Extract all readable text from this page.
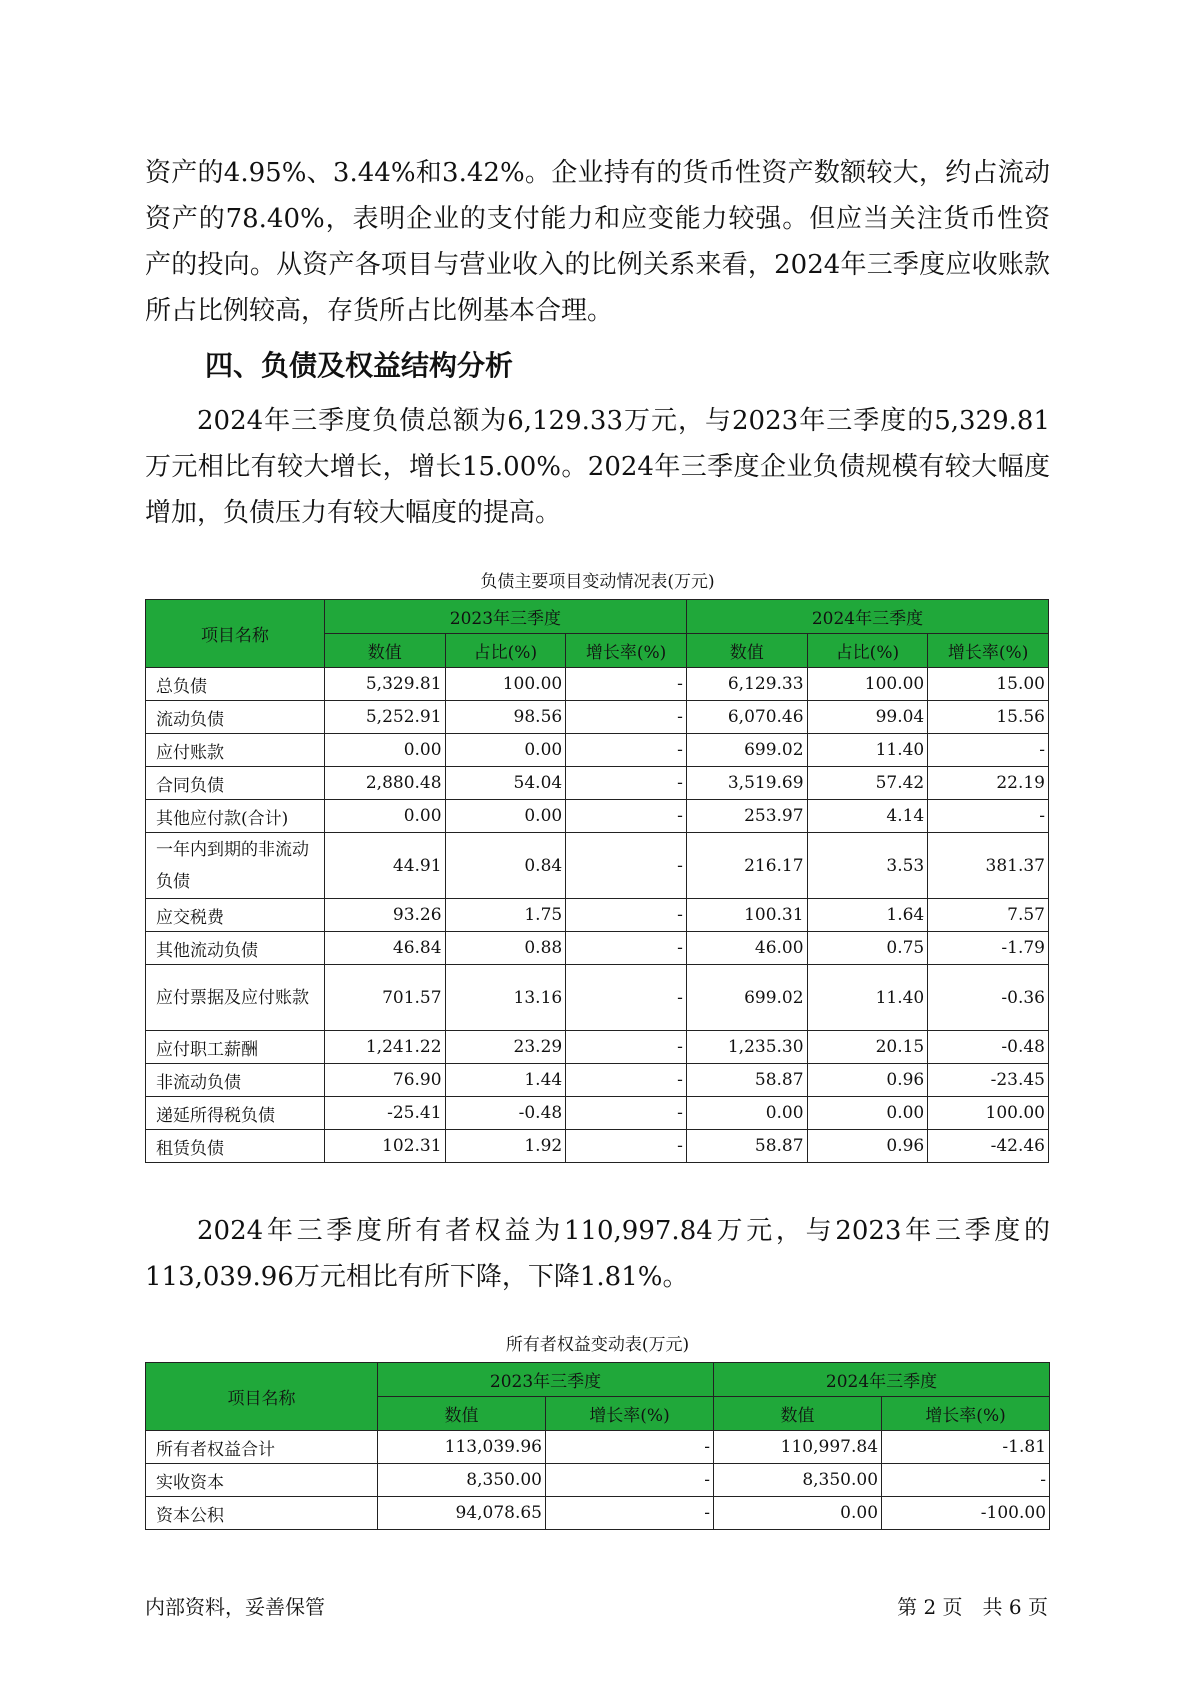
资产的4.95%、3.44%和3.42%。企业持有的货币性资产数额较大，约占流动资产的78.40%，表明企业的支付能力和应变能力较强。但应当关注货币性资产的投向。从资产各项目与营业收入的比例关系来看，2024年三季度应收账款所占比例较高，存货所占比例基本合理。

四、负债及权益结构分析

2024年三季度负债总额为6,129.33万元，与2023年三季度的5,329.81万元相比有较大增长，增长15.00%。2024年三季度企业负债规模有较大幅度增加，负债压力有较大幅度的提高。

负债主要项目变动情况表(万元)
项目名称	2023年三季度			2024年三季度		
	数值	占比(%)	增长率(%)	数值	占比(%)	增长率(%)
总负债	5,329.81	100.00	-	6,129.33	100.00	15.00
流动负债	5,252.91	98.56	-	6,070.46	99.04	15.56
应付账款	0.00	0.00	-	699.02	11.40	-
合同负债	2,880.48	54.04	-	3,519.69	57.42	22.19
其他应付款(合计)	0.00	0.00	-	253.97	4.14	-
一年内到期的非流动负债	44.91	0.84	-	216.17	3.53	381.37
应交税费	93.26	1.75	-	100.31	1.64	7.57
其他流动负债	46.84	0.88	-	46.00	0.75	-1.79
应付票据及应付账款	701.57	13.16	-	699.02	11.40	-0.36
应付职工薪酬	1,241.22	23.29	-	1,235.30	20.15	-0.48
非流动负债	76.90	1.44	-	58.87	0.96	-23.45
递延所得税负债	-25.41	-0.48	-	0.00	0.00	100.00
租赁负债	102.31	1.92	-	58.87	0.96	-42.46

2024年三季度所有者权益为110,997.84万元，与2023年三季度的113,039.96万元相比有所下降，下降1.81%。

所有者权益变动表(万元)
项目名称	2023年三季度		2024年三季度	
	数值	增长率(%)	数值	增长率(%)
所有者权益合计	113,039.96	-	110,997.84	-1.81
实收资本	8,350.00	-	8,350.00	-
资本公积	94,078.65	-	0.00	-100.00
内部资料，妥善保管	第 2 页　共 6 页
